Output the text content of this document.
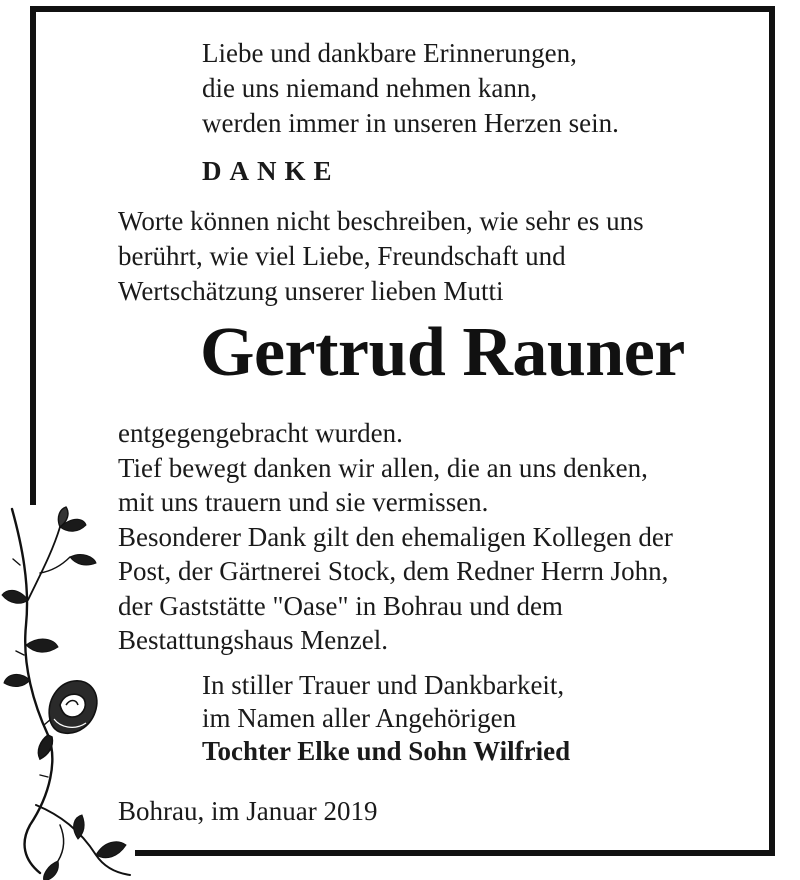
Liebe und dankbare Erinnerungen,
die uns niemand nehmen kann,
werden immer in unseren Herzen sein.

DANKE

Worte können nicht beschreiben, wie sehr es uns
berührt, wie viel Liebe, Freundschaft und
Wertschätzung unserer lieben Mutti

Gertrud Rauner

entgegengebracht wurden.
Tief bewegt danken wir allen, die an uns denken,
mit uns trauern und sie vermissen.
Besonderer Dank gilt den ehemaligen Kollegen der
Post, der Gärtnerei Stock, dem Redner Herrn John,
der Gaststätte "Oase" in Bohrau und dem
Bestattungshaus Menzel.

In stiller Trauer und Dankbarkeit,
im Namen aller Angehörigen
Tochter Elke und Sohn Wilfried

Bohrau, im Januar 2019
